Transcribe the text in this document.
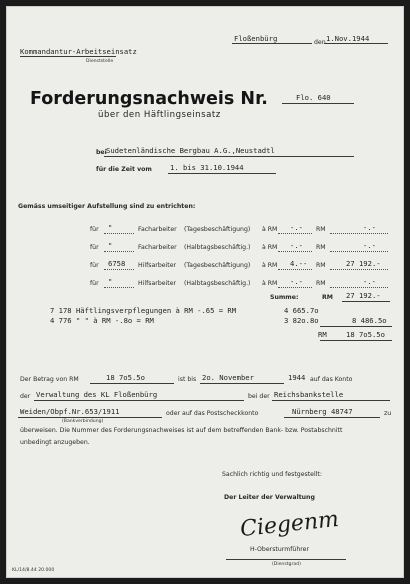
Kommandantur-Arbeitseinsatz
Dienststelle
Floßenbürg	den 1.Nov.1944
Forderungsnachweis Nr.	Flo. 640
über den Häftlingseinsatz
bei Sudetenländische Bergbau A.G.,Neustadtl
für die Zeit vom	1. bis 31.10.1944
Gemäss umseitiger Aufstellung sind zu entrichten:
für "	Facharbeiter (Tagesbeschäftigung) à RM -.- RM	-.-
für "	Facharbeiter (Halbtagsbeschäftig.) à RM -.- RM	-.-
für 6758 Hilfsarbeiter (Tagesbeschäftigung) à RM 4.-- RM	27 192.-
für "	Hilfsarbeiter (Halbtagsbeschäftig.) à RM -.- RM	-.-
Summe:	RM 27 192.-
7 178 Häftlingsverpflegungen à RM -.65 = RM	4 665.7o
4 776 " " à RM -.8o = RM	3 82o.8o	8 486.5o
RM	18 7o5.5o
Der Betrag von RM	18 7o5.5o	ist bis 2o. November	1944 auf das Konto
der Verwaltung des KL Floßenbürg	bei der Reichsbankstelle
Weiden/Obpf.Nr.653/1911
(Bankverbindung)
oder auf das Postscheckkonto	Nürnberg 48747	zu
überweisen. Die Nummer des Forderungsnachweises ist auf dem betreffenden Bank- bzw. Postabschnitt
unbedingt anzugeben.
Sachlich richtig und festgestellt:
Der Leiter der Verwaltung
Ciegenm
H-Obersturmführer
(Dienstgrad)
KL/14/8.44 20.000
